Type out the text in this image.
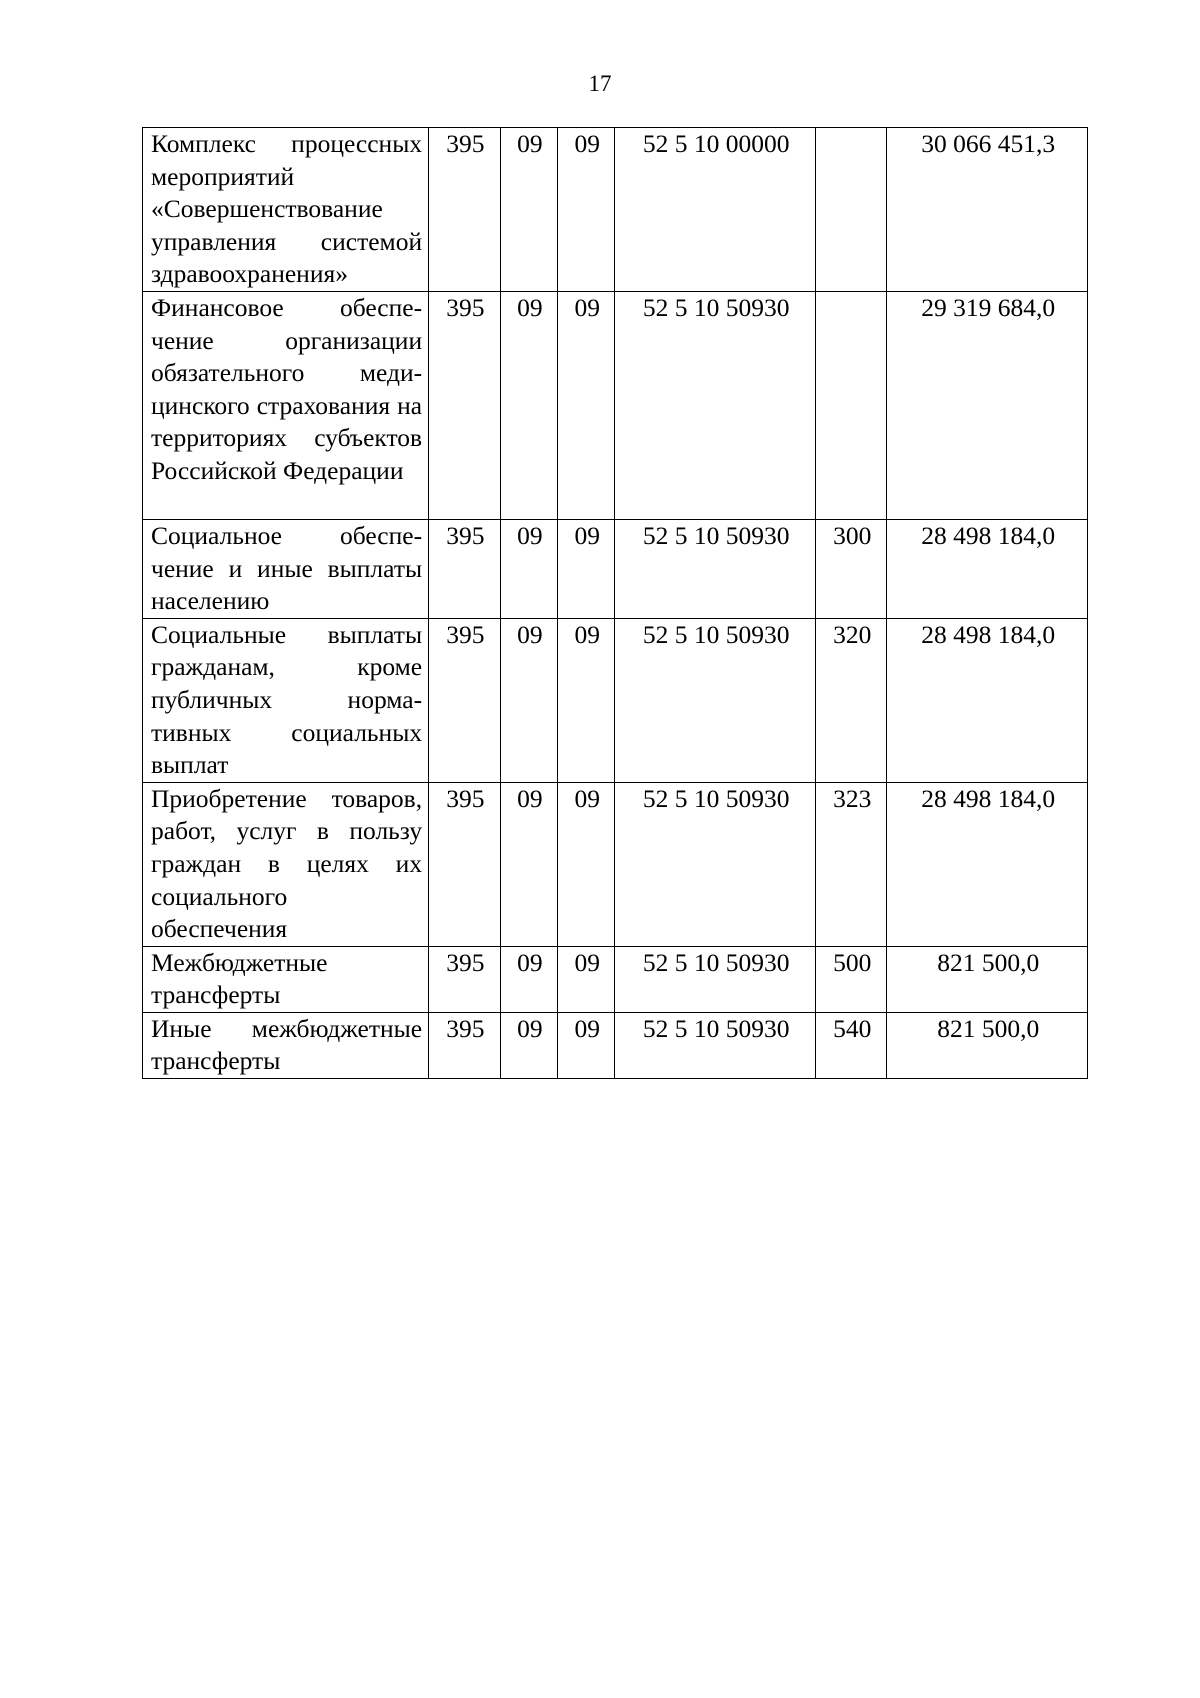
17
Комплекс процессных мероприятий «Совершенствование управления системой здравоохранения»	395	09	09	52 5 10 00000		30 066 451,3
Финансовое обеспечение организации обязательного медицинского страхования на территориях субъектов Российской Федерации	395	09	09	52 5 10 50930		29 319 684,0
Социальное обеспечение и иные выплаты населению	395	09	09	52 5 10 50930	300	28 498 184,0
Социальные выплаты гражданам, кроме публичных нормативных социальных выплат	395	09	09	52 5 10 50930	320	28 498 184,0
Приобретение товаров, работ, услуг в пользу граждан в целях их социального обеспечения	395	09	09	52 5 10 50930	323	28 498 184,0
Межбюджетные трансферты	395	09	09	52 5 10 50930	500	821 500,0
Иные межбюджетные трансферты	395	09	09	52 5 10 50930	540	821 500,0
